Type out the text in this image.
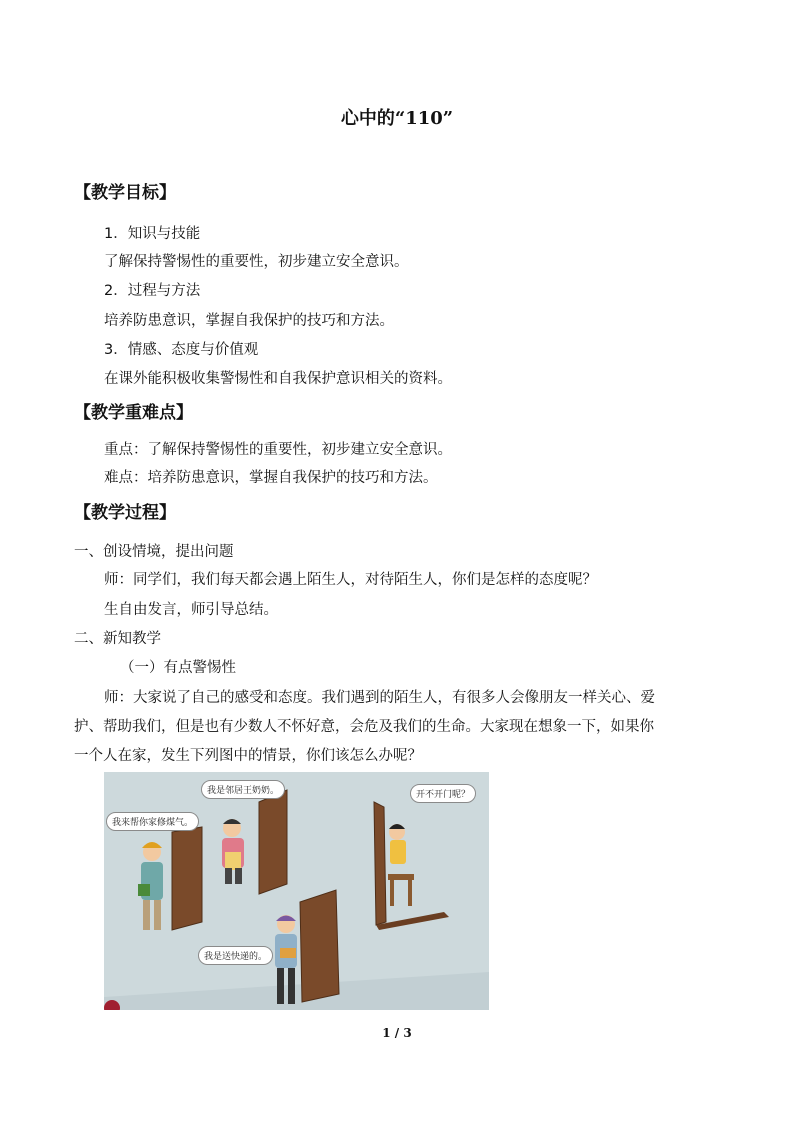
心中的“110”
【教学目标】
1．知识与技能
了解保持警惕性的重要性，初步建立安全意识。
2．过程与方法
培养防患意识，掌握自我保护的技巧和方法。
3．情感、态度与价值观
在课外能积极收集警惕性和自我保护意识相关的资料。
【教学重难点】
重点：了解保持警惕性的重要性，初步建立安全意识。
难点：培养防患意识，掌握自我保护的技巧和方法。
【教学过程】
一、创设情境，提出问题
师：同学们，我们每天都会遇上陌生人，对待陌生人，你们是怎样的态度呢？
生自由发言，师引导总结。
二、新知教学
（一）有点警惕性
师：大家说了自己的感受和态度。我们遇到的陌生人，有很多人会像朋友一样关心、爱
护、帮助我们，但是也有少数人不怀好意，会危及我们的生命。大家现在想象一下，如果你
一个人在家，发生下列图中的情景，你们该怎么办呢？
我是邻居王奶奶。	开不开门呢？
我来帮你家修煤气。
我是送快递的。
1 / 3
